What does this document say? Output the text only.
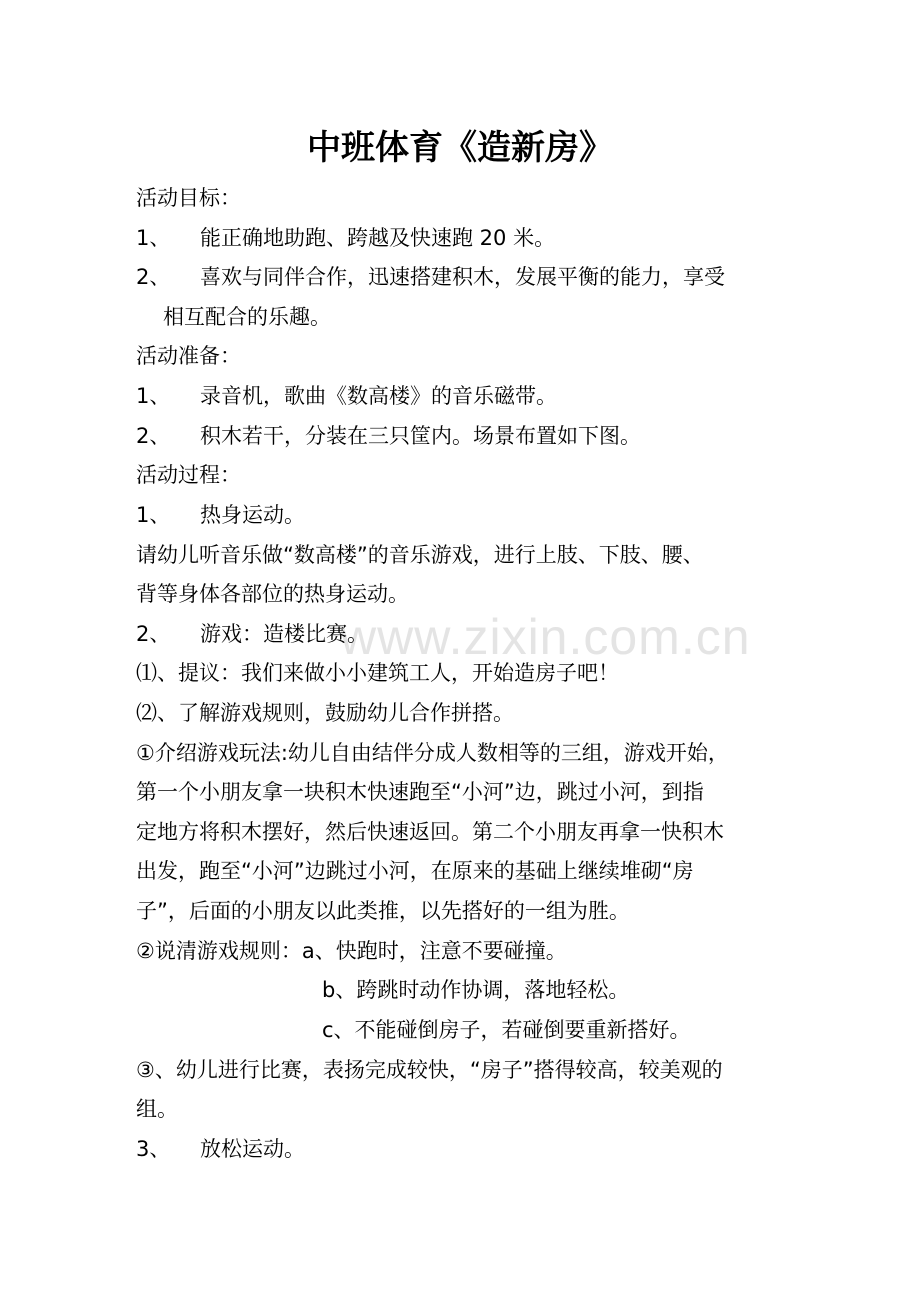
www.zixin.com.cn
中班体育《造新房》
活动目标：
1、 能正确地助跑、跨越及快速跑 20 米。
2、 喜欢与同伴合作，迅速搭建积木，发展平衡的能力，享受
相互配合的乐趣。
活动准备：
1、 录音机，歌曲《数高楼》的音乐磁带。
2、 积木若干，分装在三只筐内。场景布置如下图。
活动过程：
1、 热身运动。
请幼儿听音乐做“数高楼”的音乐游戏，进行上肢、下肢、腰、
背等身体各部位的热身运动。
2、 游戏：造楼比赛。
⑴、提议：我们来做小小建筑工人，开始造房子吧！
⑵、了解游戏规则，鼓励幼儿合作拼搭。
①介绍游戏玩法:幼儿自由结伴分成人数相等的三组，游戏开始，
第一个小朋友拿一块积木快速跑至“小河”边，跳过小河，到指
定地方将积木摆好，然后快速返回。第二个小朋友再拿一快积木
出发，跑至“小河”边跳过小河，在原来的基础上继续堆砌“房
子”，后面的小朋友以此类推，以先搭好的一组为胜。
②说清游戏规则：a、快跑时，注意不要碰撞。
b、跨跳时动作协调，落地轻松。
c、不能碰倒房子，若碰倒要重新搭好。
③、幼儿进行比赛，表扬完成较快，“房子”搭得较高，较美观的
组。
3、 放松运动。
